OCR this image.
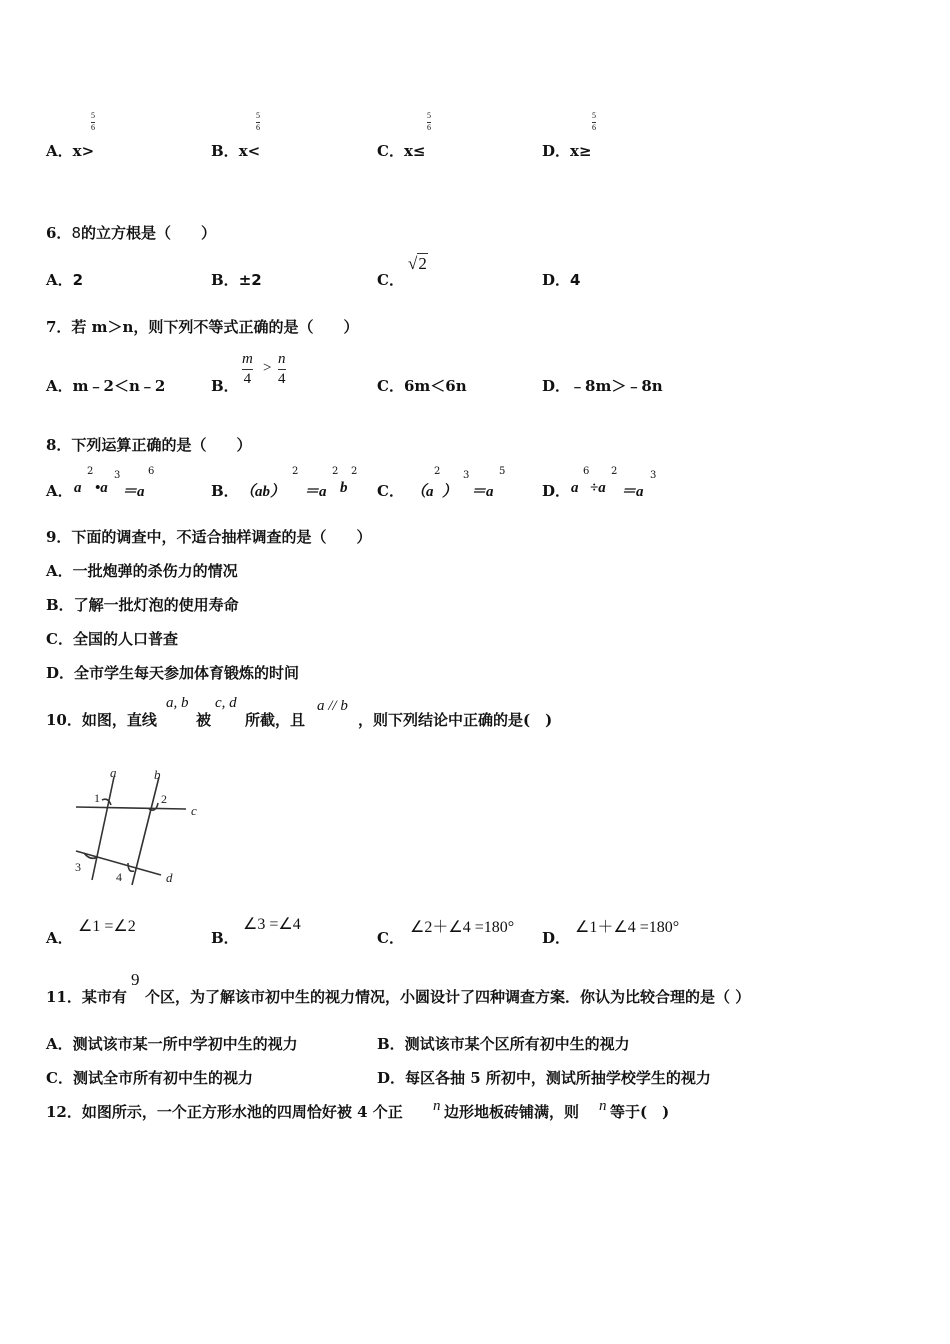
A．x>
5
6
B．x<
5
6
C．x≤
5
6
D．x≥
5
6
6．8的立方根是（　　）
A．2	B．±2	C．
√2
D．4
7．若 m＞n，则下列不等式正确的是（　　）
A．m﹣2＜n﹣2	B．
m
4
>
n
4	C．6m＜6n	D．﹣8m＞﹣8n
8．下列运算正确的是（　　）
A． a
2
•a
3
＝a
6
B． （ab）
2
＝a
2
b
2
C． （a
2
）
3
＝a
5
D． a
6
÷a
2
＝a
3
9．下面的调查中，不适合抽样调查的是（　　）
A．一批炮弹的杀伤力的情况
B．了解一批灯泡的使用寿命
C．全国的人口普查
D．全市学生每天参加体育锻炼的时间
10．如图，直线
a, b
被
c, d
所截，且
a // b
，则下列结论中正确的是(　)
a	b
c
d
1	2
3
4
A．
∠1 =∠2
B．
∠3 =∠4
C．
∠2＋∠4 =180°
D．
∠1＋∠4 =180°
11．某市有
9
个区，为了解该市初中生的视力情况，小圆设计了四种调查方案．你认为比较合理的是（ ）
A．测试该市某一所中学初中生的视力	B．测试该市某个区所有初中生的视力
C．测试全市所有初中生的视力	D．每区各抽 5 所初中，测试所抽学校学生的视力
12．如图所示，一个正方形水池的四周恰好被 4 个正 n 边形地板砖铺满，则 n 等于(　)
